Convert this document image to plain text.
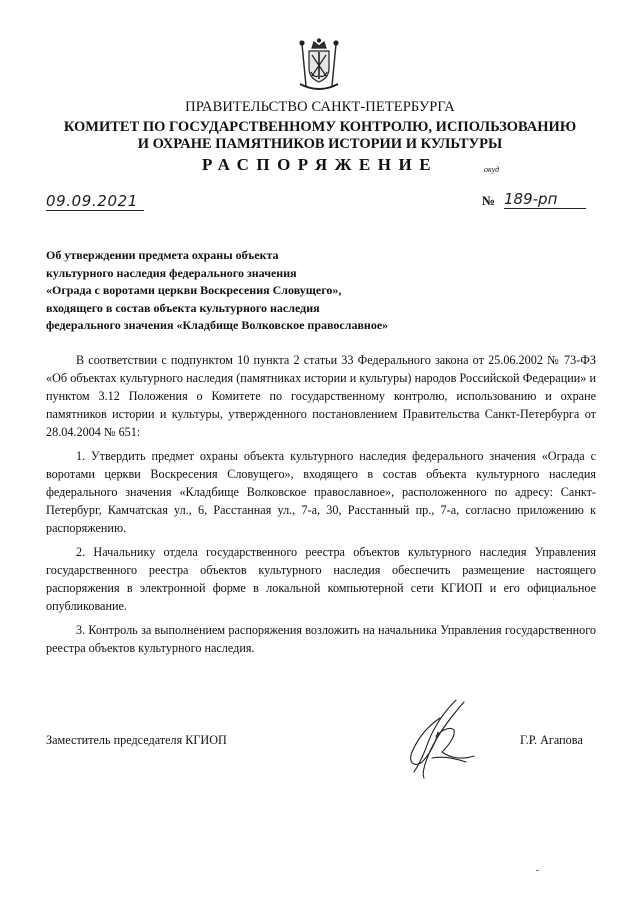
ПРАВИТЕЛЬСТВО САНКТ-ПЕТЕРБУРГА
КОМИТЕТ ПО ГОСУДАРСТВЕННОМУ КОНТРОЛЮ, ИСПОЛЬЗОВАНИЮ
И ОХРАНЕ ПАМЯТНИКОВ ИСТОРИИ И КУЛЬТУРЫ
РАСПОРЯЖЕНИЕ	окуд
09.09.2021	№ 189-рп
Об утверждении предмета охраны объекта
культурного наследия федерального значения
«Ограда с воротами церкви Воскресения Словущего»,
входящего в состав объекта культурного наследия
федерального значения «Кладбище Волковское православное»

В соответствии с подпунктом 10 пункта 2 статьи 33 Федерального закона от 25.06.2002 № 73-ФЗ «Об объектах культурного наследия (памятниках истории и культуры) народов Российской Федерации» и пунктом 3.12 Положения о Комитете по государственному контролю, использованию и охране памятников истории и культуры, утвержденного постановлением Правительства Санкт-Петербурга от 28.04.2004 № 651:

1. Утвердить предмет охраны объекта культурного наследия федерального значения «Ограда с воротами церкви Воскресения Словущего», входящего в состав объекта культурного наследия федерального значения «Кладбище Волковское православное», расположенного по адресу: Санкт-Петербург, Камчатская ул., 6, Расстанная ул., 7-а, 30, Расстанный пр., 7-а, согласно приложению к распоряжению.

2. Начальнику отдела государственного реестра объектов культурного наследия Управления государственного реестра объектов культурного наследия обеспечить размещение настоящего распоряжения в электронной форме в локальной компьютерной сети КГИОП и его официальное опубликование.

3. Контроль за выполнением распоряжения возложить на начальника Управления государственного реестра объектов культурного наследия.

Заместитель председателя КГИОП	Г.Р. Агапова
